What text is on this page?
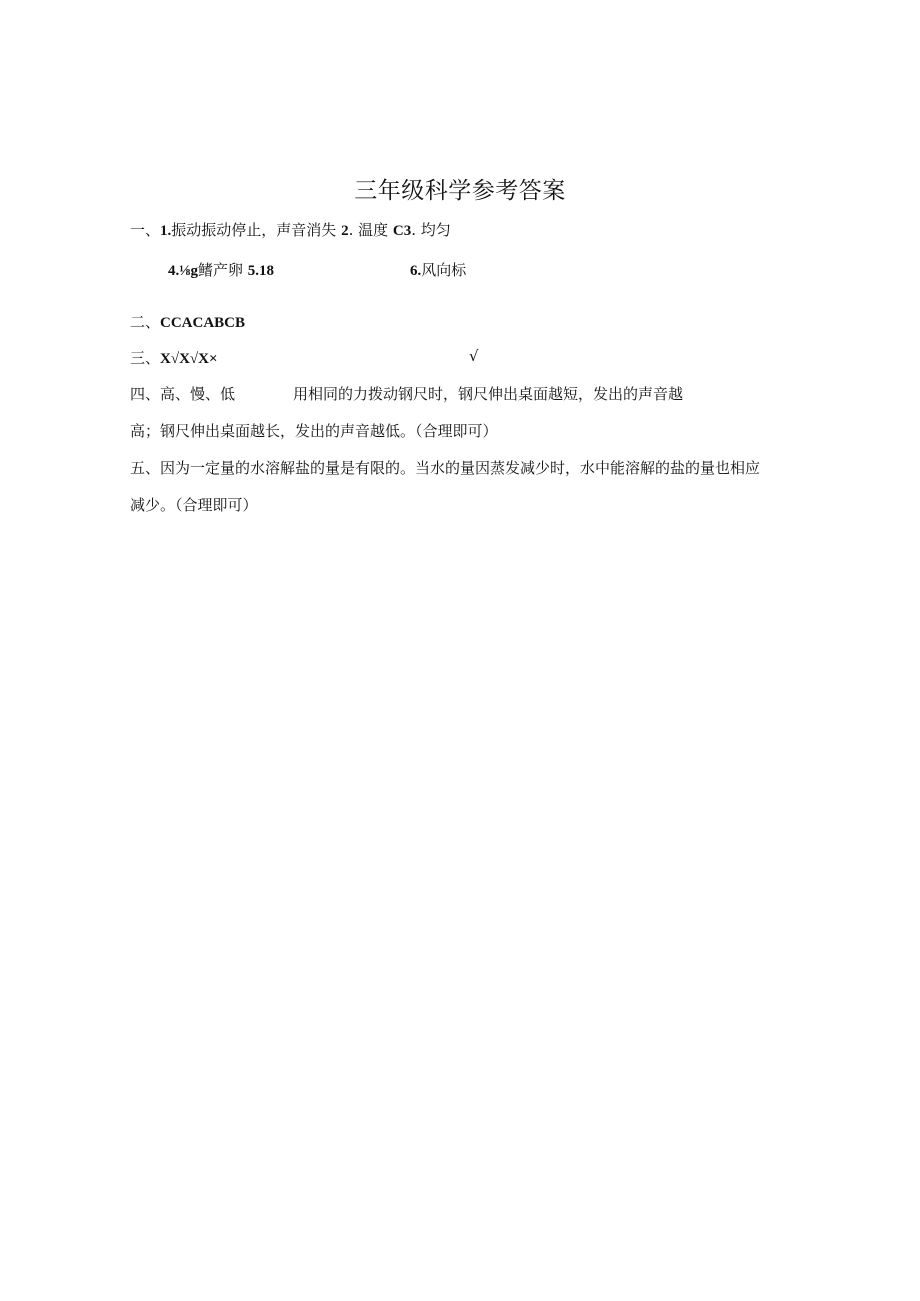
三年级科学参考答案
一、1.振动振动停止，声音消失 2. 温度 C3. 均匀
4.⅛g鳍产卵 5.18	6.风向标
二、CCACABCB
三、X√X√X×	√
四、高、慢、低	用相同的力拨动钢尺时，钢尺伸出桌面越短，发出的声音越
高；钢尺伸出桌面越长，发出的声音越低。（合理即可）
五、因为一定量的水溶解盐的量是有限的。当水的量因蒸发减少时，水中能溶解的盐的量也相应
减少。（合理即可）
